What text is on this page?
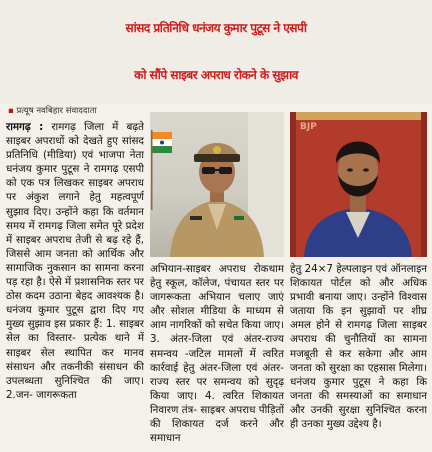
सांसद प्रतिनिधि धनंजय कुमार पुटूस ने एसपी
को सौंपे साइबर अपराध रोकने के सुझाव
▪ प्रत्यूष नवबिहार संवाददाता
रामगढ़ : रामगढ़ जिला में बढ़ते साइबर अपराधों को देखते हुए सांसद प्रतिनिधि (मीडिया) एवं भाजपा नेता धनंजय कुमार पुटूस ने रामगढ़ एसपी को एक पत्र लिखकर साइबर अपराध पर अंकुश लगाने हेतु महत्वपूर्ण सुझाव दिए। उन्होंने कहा कि वर्तमान समय में रामगढ़ जिला समेत पूरे प्रदेश में साइबर अपराध तेजी से बढ़ रहे हैं, जिससे आम जनता को आर्थिक और सामाजिक नुकसान का सामना करना पड़ रहा है। ऐसे में प्रशासनिक स्तर पर ठोस कदम उठाना बेहद आवश्यक है। धनंजय कुमार पुटूस द्वारा दिए गए मुख्य सुझाव इस प्रकार हैं: 1. साइबर सेल का विस्तार- प्रत्येक थाने में साइबर सेल स्थापित कर मानव संसाधन और तकनीकी संसाधन की उपलब्धता सुनिश्चित की जाए। 2.जन- जागरूकता
BJP
अभियान-साइबर अपराध रोकथाम हेतु स्कूल, कॉलेज, पंचायत स्तर पर जागरूकता अभियान चलाए जाएं और सोशल मीडिया के माध्यम से आम नागरिकों को सचेत किया जाए। 3. अंतर-जिला एवं अंतर-राज्य समन्वय -जटिल मामलों में त्वरित कार्रवाई हेतु अंतर-जिला एवं अंतर-राज्य स्तर पर समन्वय को सुदृढ़ किया जाए। 4. त्वरित शिकायत निवारण तंत्र- साइबर अपराध पीड़ितों की शिकायत दर्ज करने और समाधान
हेतु 24×7 हेल्पलाइन एवं ऑनलाइन शिकायत पोर्टल को और अधिक प्रभावी बनाया जाए। उन्होंने विश्वास जताया कि इन सुझावों पर शीघ्र अमल होने से रामगढ़ जिला साइबर अपराध की चुनौतियों का सामना मजबूती से कर सकेगा और आम जनता को सुरक्षा का एहसास मिलेगा। धनंजय कुमार पुटूस ने कहा कि जनता की समस्याओं का समाधान और उनकी सुरक्षा सुनिश्चित करना ही उनका मुख्य उद्देश्य है।
